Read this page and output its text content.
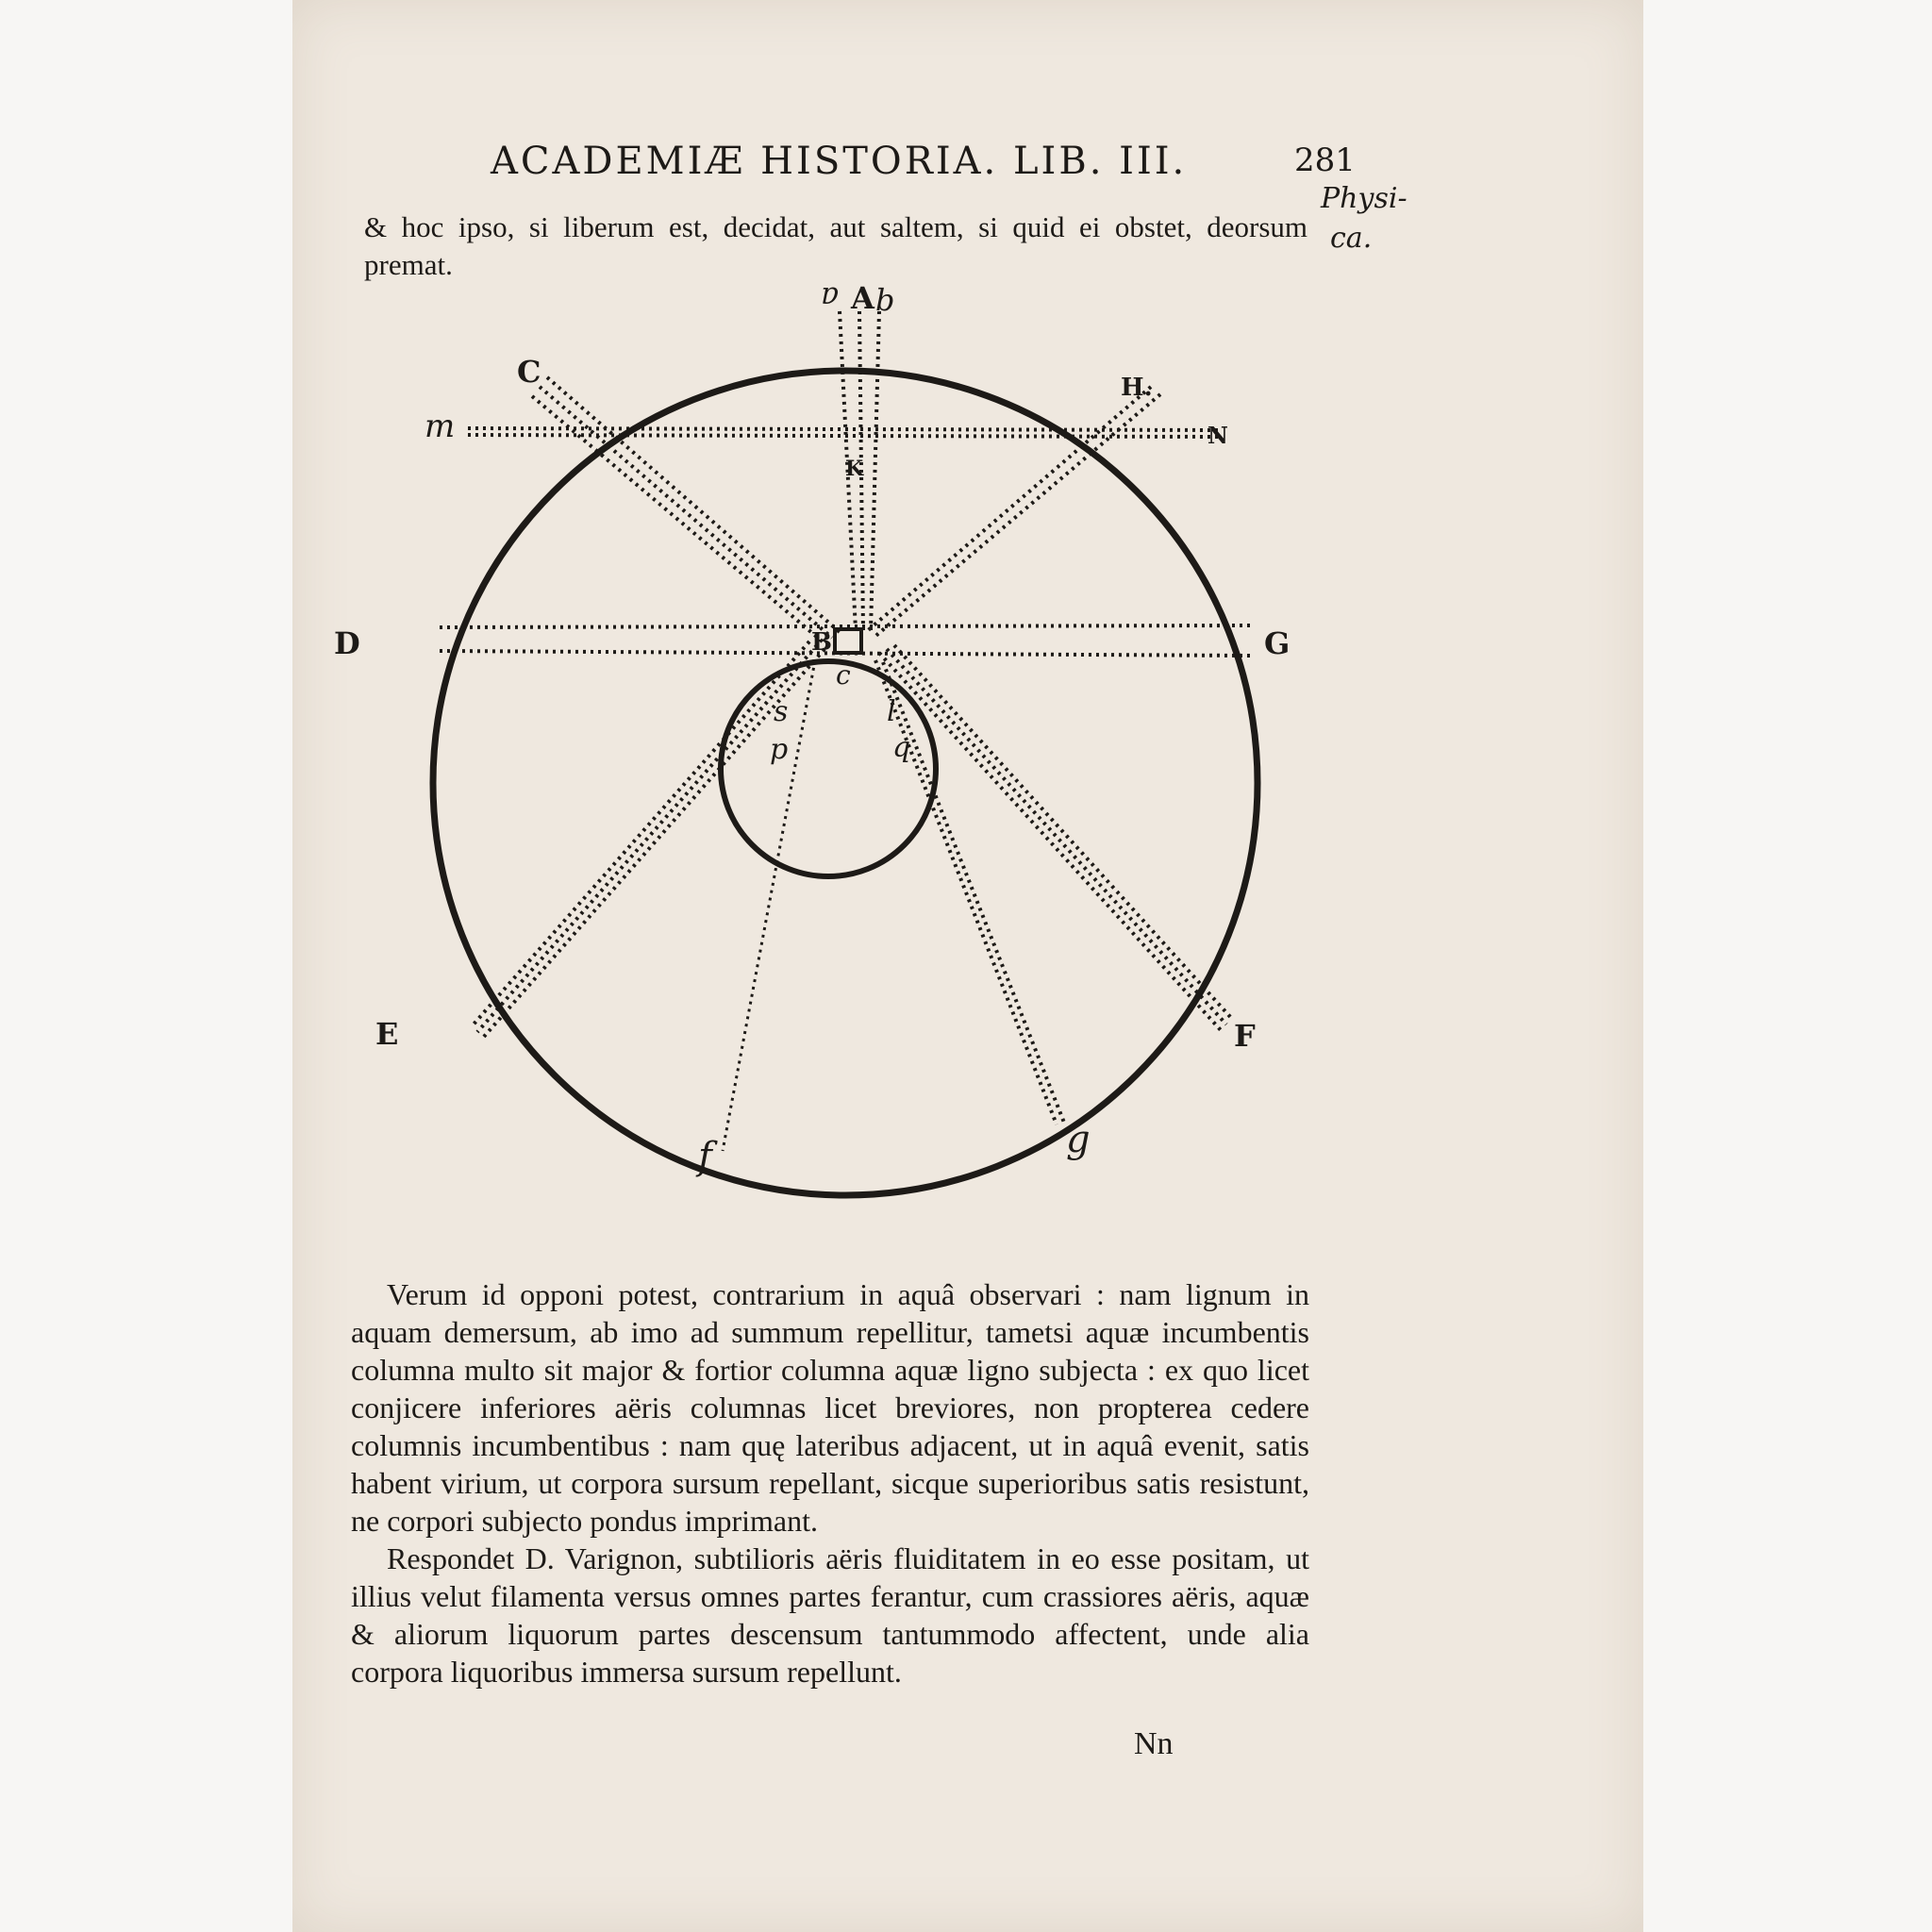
ACADEMIÆ HISTORIA. LIB. III.	281
Physi-
ca.

& hoc ipso, si liberum est, decidat, aut saltem, si quid ei obstet, deorsum premat.

a A b
C	H.
m	N
K
D	B	G
c
s	l
p	q
E	F
f	g

Verum id opponi potest, contrarium in aquâ observari : nam lignum in aquam demersum, ab imo ad summum repellitur, tametsi aquæ incumbentis columna multo sit major & fortior columna aquæ ligno subjecta : ex quo licet conjicere inferiores aëris columnas licet breviores, non propterea cedere columnis incumbentibus : nam quę lateribus adjacent, ut in aquâ evenit, satis habent virium, ut corpora sursum repellant, sicque superioribus satis resistunt, ne corpori subjecto pondus imprimant.

Respondet D. Varignon, subtilioris aëris fluiditatem in eo esse positam, ut illius velut filamenta versus omnes partes ferantur, cum crassiores aëris, aquæ & aliorum liquorum partes descensum tantummodo affectent, unde alia corpora liquoribus immersa sursum repellunt.

Nn
